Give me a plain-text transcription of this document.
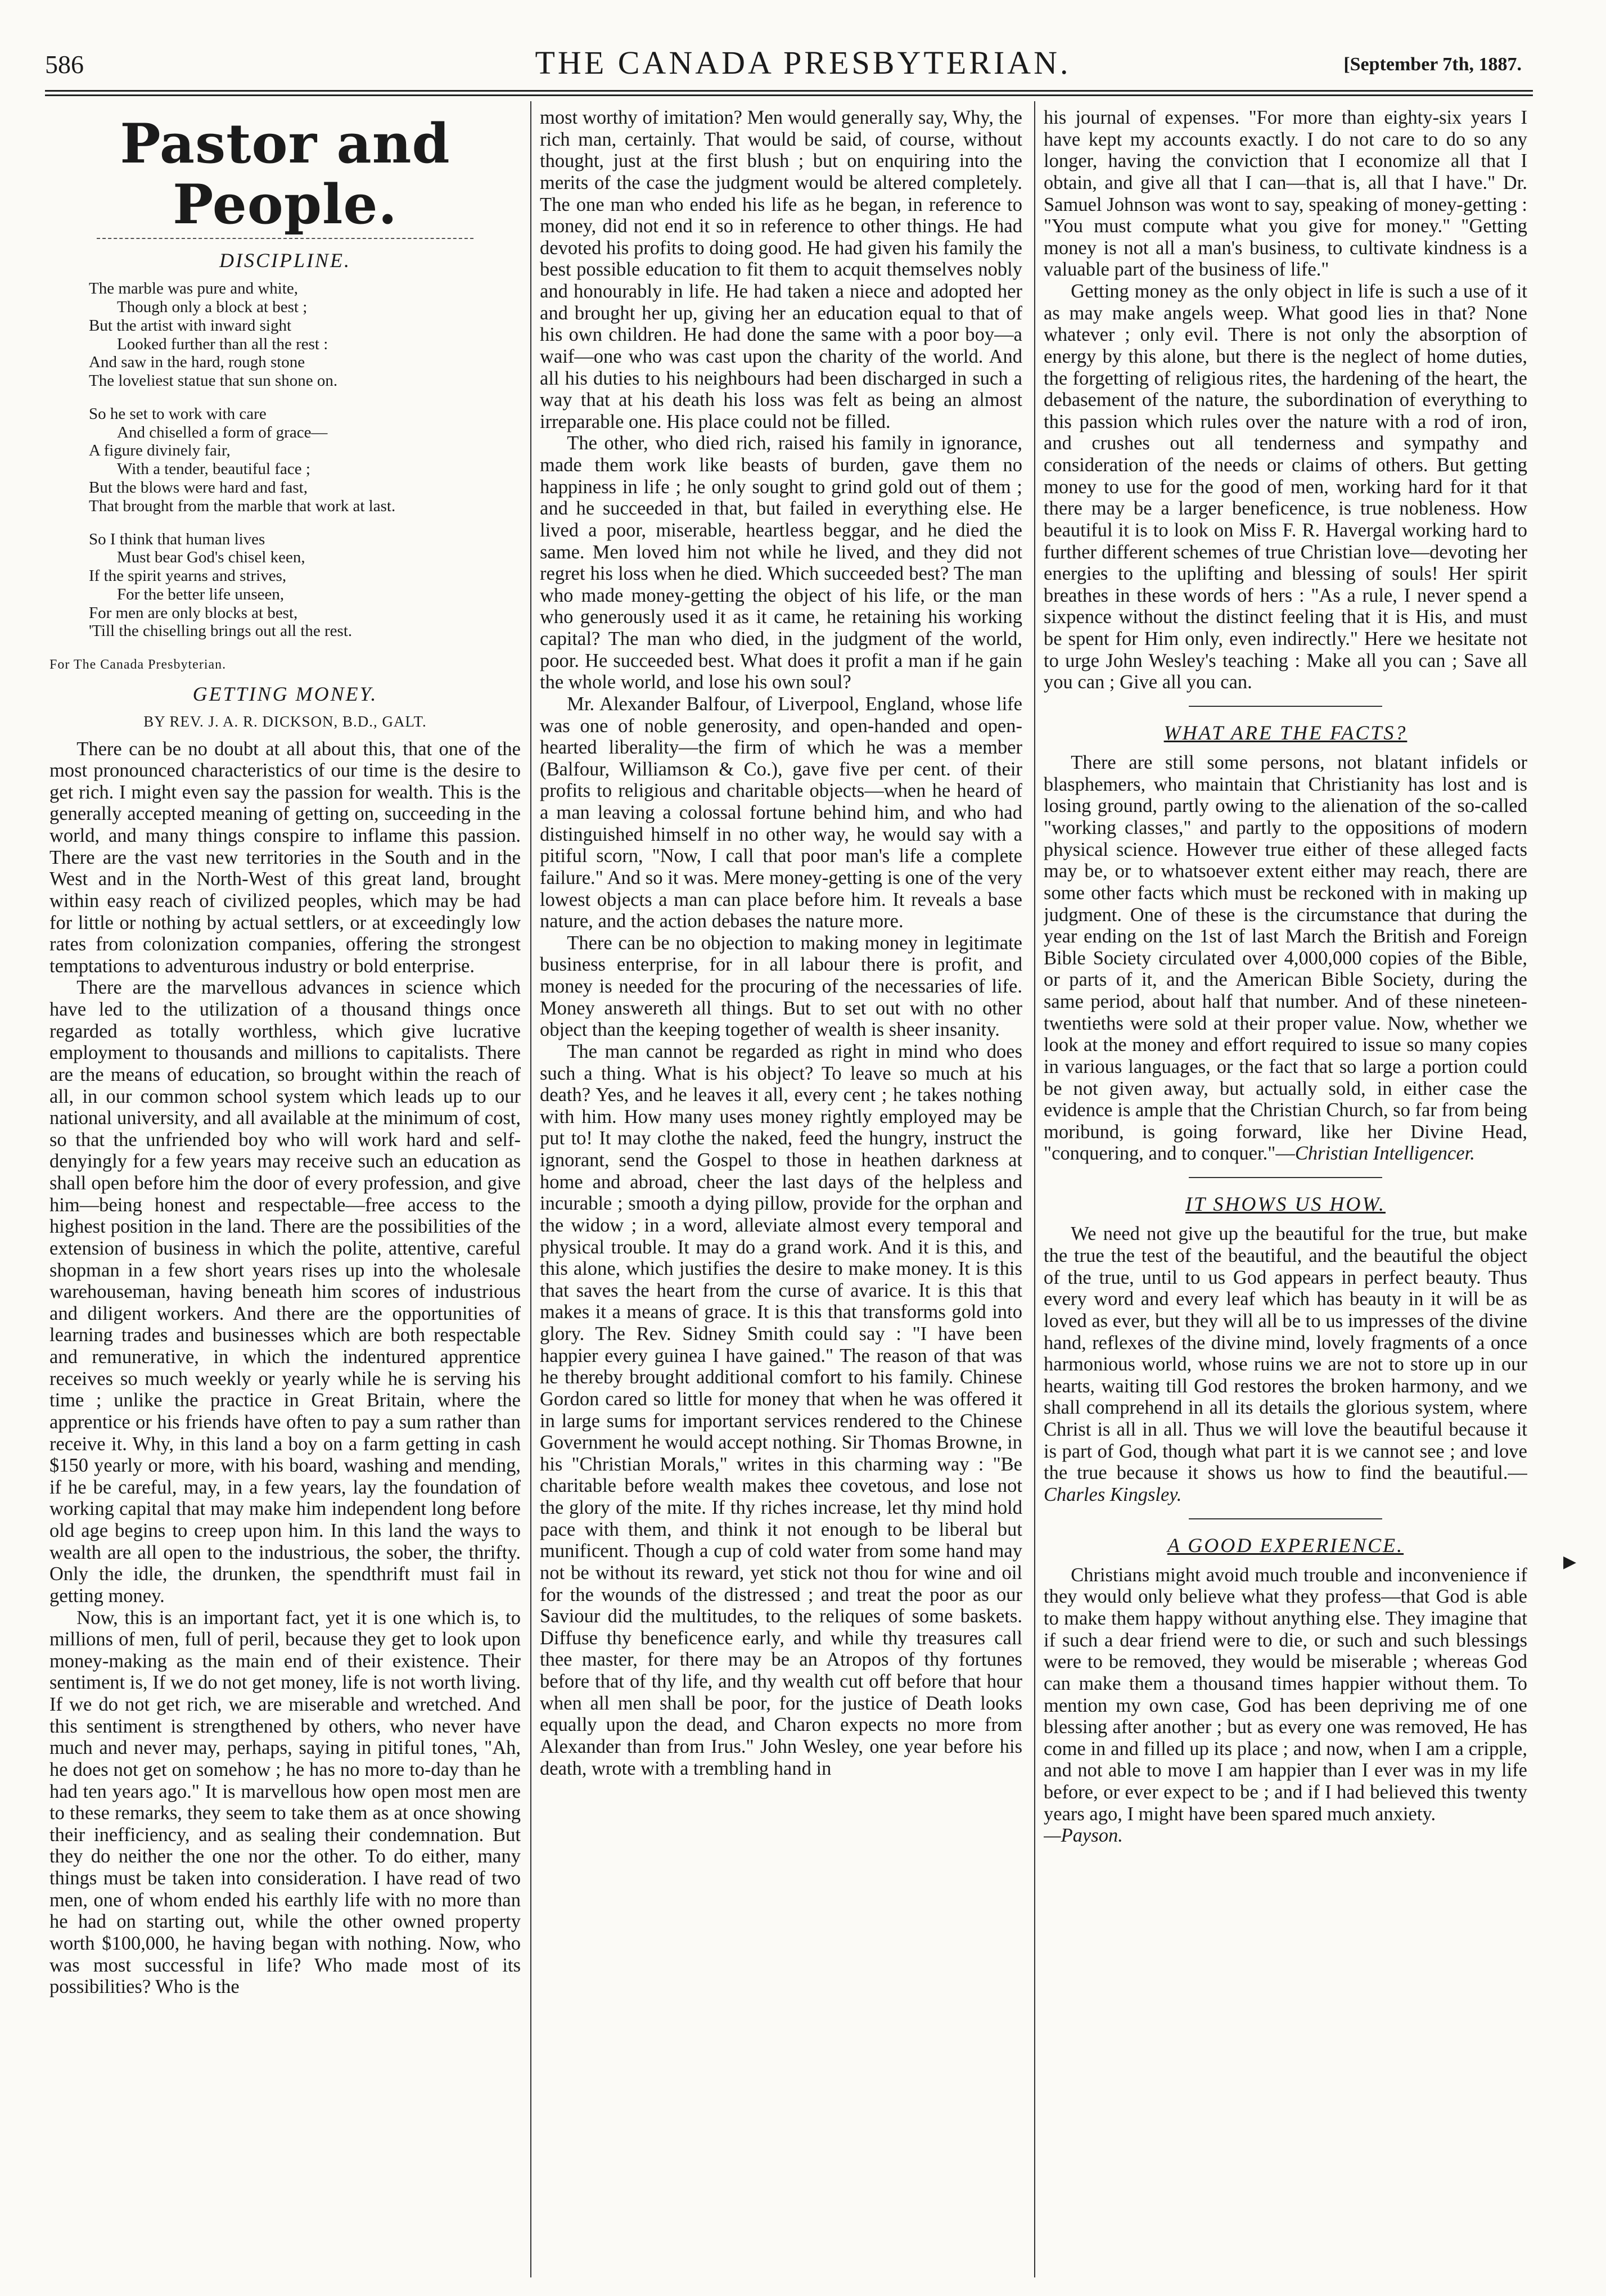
586	THE CANADA PRESBYTERIAN.	[September 7th, 1887.
Pastor and People.
DISCIPLINE.
The marble was pure and white,
Though only a block at best ;
But the artist with inward sight
Looked further than all the rest :
And saw in the hard, rough stone
The loveliest statue that sun shone on.
So he set to work with care
And chiselled a form of grace—
A figure divinely fair,
With a tender, beautiful face ;
But the blows were hard and fast,
That brought from the marble that work at last.
So I think that human lives
Must bear God's chisel keen,
If the spirit yearns and strives,
For the better life unseen,
For men are only blocks at best,
'Till the chiselling brings out all the rest.
For The Canada Presbyterian.
GETTING MONEY.
BY REV. J. A. R. DICKSON, B.D., GALT.

There can be no doubt at all about this, that one of the most pronounced characteristics of our time is the desire to get rich. I might even say the passion for wealth. This is the generally accepted meaning of getting on, succeeding in the world, and many things conspire to inflame this passion. There are the vast new territories in the South and in the West and in the North-West of this great land, brought within easy reach of civilized peoples, which may be had for little or nothing by actual settlers, or at exceedingly low rates from colonization companies, offering the strongest temptations to adventurous industry or bold enterprise.

There are the marvellous advances in science which have led to the utilization of a thousand things once regarded as totally worthless, which give lucrative employment to thousands and millions to capitalists. There are the means of education, so brought within the reach of all, in our common school system which leads up to our national university, and all available at the minimum of cost, so that the unfriended boy who will work hard and self-denyingly for a few years may receive such an education as shall open before him the door of every profession, and give him—being honest and respectable—free access to the highest position in the land. There are the possibilities of the extension of business in which the polite, attentive, careful shopman in a few short years rises up into the wholesale warehouseman, having beneath him scores of industrious and diligent workers. And there are the opportunities of learning trades and businesses which are both respectable and remunerative, in which the indentured apprentice receives so much weekly or yearly while he is serving his time ; unlike the practice in Great Britain, where the apprentice or his friends have often to pay a sum rather than receive it. Why, in this land a boy on a farm getting in cash $150 yearly or more, with his board, washing and mending, if he be careful, may, in a few years, lay the foundation of working capital that may make him independent long before old age begins to creep upon him. In this land the ways to wealth are all open to the industrious, the sober, the thrifty. Only the idle, the drunken, the spendthrift must fail in getting money.

Now, this is an important fact, yet it is one which is, to millions of men, full of peril, because they get to look upon money-making as the main end of their existence. Their sentiment is, If we do not get money, life is not worth living. If we do not get rich, we are miserable and wretched. And this sentiment is strengthened by others, who never have much and never may, perhaps, saying in pitiful tones, "Ah, he does not get on somehow ; he has no more to-day than he had ten years ago." It is marvellous how open most men are to these remarks, they seem to take them as at once showing their inefficiency, and as sealing their condemnation. But they do neither the one nor the other. To do either, many things must be taken into consideration. I have read of two men, one of whom ended his earthly life with no more than he had on starting out, while the other owned property worth $100,000, he having began with nothing. Now, who was most successful in life? Who made most of its possibilities? Who is the

most worthy of imitation? Men would generally say, Why, the rich man, certainly. That would be said, of course, without thought, just at the first blush ; but on enquiring into the merits of the case the judgment would be altered completely. The one man who ended his life as he began, in reference to money, did not end it so in reference to other things. He had devoted his profits to doing good. He had given his family the best possible education to fit them to acquit themselves nobly and honourably in life. He had taken a niece and adopted her and brought her up, giving her an education equal to that of his own children. He had done the same with a poor boy—a waif—one who was cast upon the charity of the world. And all his duties to his neighbours had been discharged in such a way that at his death his loss was felt as being an almost irreparable one. His place could not be filled.

The other, who died rich, raised his family in ignorance, made them work like beasts of burden, gave them no happiness in life ; he only sought to grind gold out of them ; and he succeeded in that, but failed in everything else. He lived a poor, miserable, heartless beggar, and he died the same. Men loved him not while he lived, and they did not regret his loss when he died. Which succeeded best? The man who made money-getting the object of his life, or the man who generously used it as it came, he retaining his working capital? The man who died, in the judgment of the world, poor. He succeeded best. What does it profit a man if he gain the whole world, and lose his own soul?

Mr. Alexander Balfour, of Liverpool, England, whose life was one of noble generosity, and open-handed and open-hearted liberality—the firm of which he was a member (Balfour, Williamson & Co.), gave five per cent. of their profits to religious and charitable objects—when he heard of a man leaving a colossal fortune behind him, and who had distinguished himself in no other way, he would say with a pitiful scorn, "Now, I call that poor man's life a complete failure." And so it was. Mere money-getting is one of the very lowest objects a man can place before him. It reveals a base nature, and the action debases the nature more.

There can be no objection to making money in legitimate business enterprise, for in all labour there is profit, and money is needed for the procuring of the necessaries of life. Money answereth all things. But to set out with no other object than the keeping together of wealth is sheer insanity.

The man cannot be regarded as right in mind who does such a thing. What is his object? To leave so much at his death? Yes, and he leaves it all, every cent ; he takes nothing with him. How many uses money rightly employed may be put to! It may clothe the naked, feed the hungry, instruct the ignorant, send the Gospel to those in heathen darkness at home and abroad, cheer the last days of the helpless and incurable ; smooth a dying pillow, provide for the orphan and the widow ; in a word, alleviate almost every temporal and physical trouble. It may do a grand work. And it is this, and this alone, which justifies the desire to make money. It is this that saves the heart from the curse of avarice. It is this that makes it a means of grace. It is this that transforms gold into glory. The Rev. Sidney Smith could say : "I have been happier every guinea I have gained." The reason of that was he thereby brought additional comfort to his family. Chinese Gordon cared so little for money that when he was offered it in large sums for important services rendered to the Chinese Government he would accept nothing. Sir Thomas Browne, in his "Christian Morals," writes in this charming way : "Be charitable before wealth makes thee covetous, and lose not the glory of the mite. If thy riches increase, let thy mind hold pace with them, and think it not enough to be liberal but munificent. Though a cup of cold water from some hand may not be without its reward, yet stick not thou for wine and oil for the wounds of the distressed ; and treat the poor as our Saviour did the multitudes, to the reliques of some baskets. Diffuse thy beneficence early, and while thy treasures call thee master, for there may be an Atropos of thy fortunes before that of thy life, and thy wealth cut off before that hour when all men shall be poor, for the justice of Death looks equally upon the dead, and Charon expects no more from Alexander than from Irus." John Wesley, one year before his death, wrote with a trembling hand in

his journal of expenses. "For more than eighty-six years I have kept my accounts exactly. I do not care to do so any longer, having the conviction that I economize all that I obtain, and give all that I can—that is, all that I have." Dr. Samuel Johnson was wont to say, speaking of money-getting : "You must compute what you give for money." "Getting money is not all a man's business, to cultivate kindness is a valuable part of the business of life."

Getting money as the only object in life is such a use of it as may make angels weep. What good lies in that? None whatever ; only evil. There is not only the absorption of energy by this alone, but there is the neglect of home duties, the forgetting of religious rites, the hardening of the heart, the debasement of the nature, the subordination of everything to this passion which rules over the nature with a rod of iron, and crushes out all tenderness and sympathy and consideration of the needs or claims of others. But getting money to use for the good of men, working hard for it that there may be a larger beneficence, is true nobleness. How beautiful it is to look on Miss F. R. Havergal working hard to further different schemes of true Christian love—devoting her energies to the uplifting and blessing of souls! Her spirit breathes in these words of hers : "As a rule, I never spend a sixpence without the distinct feeling that it is His, and must be spent for Him only, even indirectly." Here we hesitate not to urge John Wesley's teaching : Make all you can ; Save all you can ; Give all you can.

WHAT ARE THE FACTS?

There are still some persons, not blatant infidels or blasphemers, who maintain that Christianity has lost and is losing ground, partly owing to the alienation of the so-called "working classes," and partly to the oppositions of modern physical science. However true either of these alleged facts may be, or to whatsoever extent either may reach, there are some other facts which must be reckoned with in making up judgment. One of these is the circumstance that during the year ending on the 1st of last March the British and Foreign Bible Society circulated over 4,000,000 copies of the Bible, or parts of it, and the American Bible Society, during the same period, about half that number. And of these nineteen-twentieths were sold at their proper value. Now, whether we look at the money and effort required to issue so many copies in various languages, or the fact that so large a portion could be not given away, but actually sold, in either case the evidence is ample that the Christian Church, so far from being moribund, is going forward, like her Divine Head, "conquering, and to conquer."—Christian Intelligencer.

IT SHOWS US HOW.

We need not give up the beautiful for the true, but make the true the test of the beautiful, and the beautiful the object of the true, until to us God appears in perfect beauty. Thus every word and every leaf which has beauty in it will be as loved as ever, but they will all be to us impresses of the divine hand, reflexes of the divine mind, lovely fragments of a once harmonious world, whose ruins we are not to store up in our hearts, waiting till God restores the broken harmony, and we shall comprehend in all its details the glorious system, where Christ is all in all. Thus we will love the beautiful because it is part of God, though what part it is we cannot see ; and love the true because it shows us how to find the beautiful.—Charles Kingsley.

A GOOD EXPERIENCE.

Christians might avoid much trouble and inconvenience if they would only believe what they profess—that God is able to make them happy without anything else. They imagine that if such a dear friend were to die, or such and such blessings were to be removed, they would be miserable ; whereas God can make them a thousand times happier without them. To mention my own case, God has been depriving me of one blessing after another ; but as every one was removed, He has come in and filled up its place ; and now, when I am a cripple, and not able to move I am happier than I ever was in my life before, or ever expect to be ; and if I had believed this twenty years ago, I might have been spared much anxiety.

—Payson.

▶
